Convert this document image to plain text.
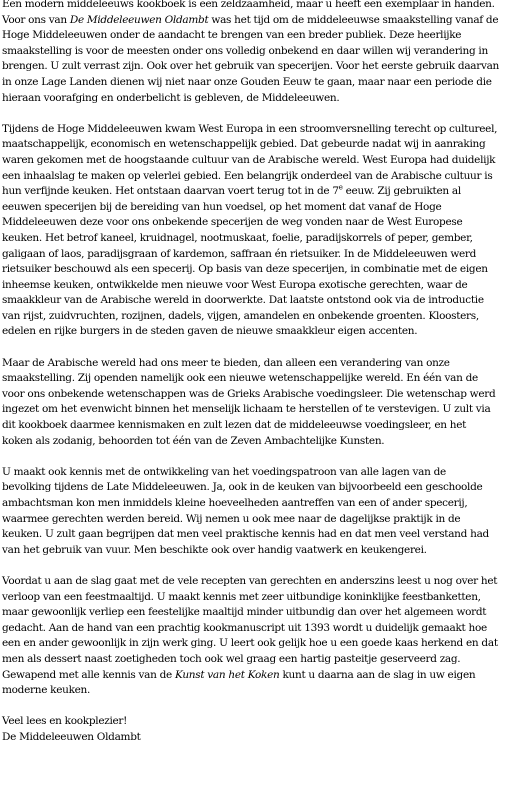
Een modern middeleeuws kookboek is een zeldzaamheid, maar u heeft een exemplaar in handen.
Voor ons van De Middeleeuwen Oldambt was het tijd om de middeleeuwse smaakstelling vanaf de
Hoge Middeleeuwen onder de aandacht te brengen van een breder publiek. Deze heerlijke
smaakstelling is voor de meesten onder ons volledig onbekend en daar willen wij verandering in
brengen. U zult verrast zijn. Ook over het gebruik van specerijen. Voor het eerste gebruik daarvan
in onze Lage Landen dienen wij niet naar onze Gouden Eeuw te gaan, maar naar een periode die
hieraan voorafging en onderbelicht is gebleven, de Middeleeuwen.
Tijdens de Hoge Middeleeuwen kwam West Europa in een stroomversnelling terecht op cultureel,
maatschappelijk, economisch en wetenschappelijk gebied. Dat gebeurde nadat wij in aanraking
waren gekomen met de hoogstaande cultuur van de Arabische wereld. West Europa had duidelijk
een inhaalslag te maken op velerlei gebied. Een belangrijk onderdeel van de Arabische cultuur is
hun verfijnde keuken. Het ontstaan daarvan voert terug tot in de 7e eeuw. Zij gebruikten al
eeuwen specerijen bij de bereiding van hun voedsel, op het moment dat vanaf de Hoge
Middeleeuwen deze voor ons onbekende specerijen de weg vonden naar de West Europese
keuken. Het betrof kaneel, kruidnagel, nootmuskaat, foelie, paradijskorrels of peper, gember,
galigaan of laos, paradijsgraan of kardemon, saffraan én rietsuiker. In de Middeleeuwen werd
rietsuiker beschouwd als een specerij. Op basis van deze specerijen, in combinatie met de eigen
inheemse keuken, ontwikkelde men nieuwe voor West Europa exotische gerechten, waar de
smaakkleur van de Arabische wereld in doorwerkte. Dat laatste ontstond ook via de introductie
van rijst, zuidvruchten, rozijnen, dadels, vijgen, amandelen en onbekende groenten. Kloosters,
edelen en rijke burgers in de steden gaven de nieuwe smaakkleur eigen accenten.
Maar de Arabische wereld had ons meer te bieden, dan alleen een verandering van onze
smaakstelling. Zij openden namelijk ook een nieuwe wetenschappelijke wereld. En één van de
voor ons onbekende wetenschappen was de Grieks Arabische voedingsleer. Die wetenschap werd
ingezet om het evenwicht binnen het menselijk lichaam te herstellen of te verstevigen. U zult via
dit kookboek daarmee kennismaken en zult lezen dat de middeleeuwse voedingsleer, en het
koken als zodanig, behoorden tot één van de Zeven Ambachtelijke Kunsten.
U maakt ook kennis met de ontwikkeling van het voedingspatroon van alle lagen van de
bevolking tijdens de Late Middeleeuwen. Ja, ook in de keuken van bijvoorbeeld een geschoolde
ambachtsman kon men inmiddels kleine hoeveelheden aantreffen van een of ander specerij,
waarmee gerechten werden bereid. Wij nemen u ook mee naar de dagelijkse praktijk in de
keuken. U zult gaan begrijpen dat men veel praktische kennis had en dat men veel verstand had
van het gebruik van vuur. Men beschikte ook over handig vaatwerk en keukengerei.
Voordat u aan de slag gaat met de vele recepten van gerechten en anderszins leest u nog over het
verloop van een feestmaaltijd. U maakt kennis met zeer uitbundige koninklijke feestbanketten,
maar gewoonlijk verliep een feestelijke maaltijd minder uitbundig dan over het algemeen wordt
gedacht. Aan de hand van een prachtig kookmanuscript uit 1393 wordt u duidelijk gemaakt hoe
een en ander gewoonlijk in zijn werk ging. U leert ook gelijk hoe u een goede kaas herkend en dat
men als dessert naast zoetigheden toch ook wel graag een hartig pasteitje geserveerd zag.
Gewapend met alle kennis van de Kunst van het Koken kunt u daarna aan de slag in uw eigen
moderne keuken.
Veel lees en kookplezier!
De Middeleeuwen Oldambt
